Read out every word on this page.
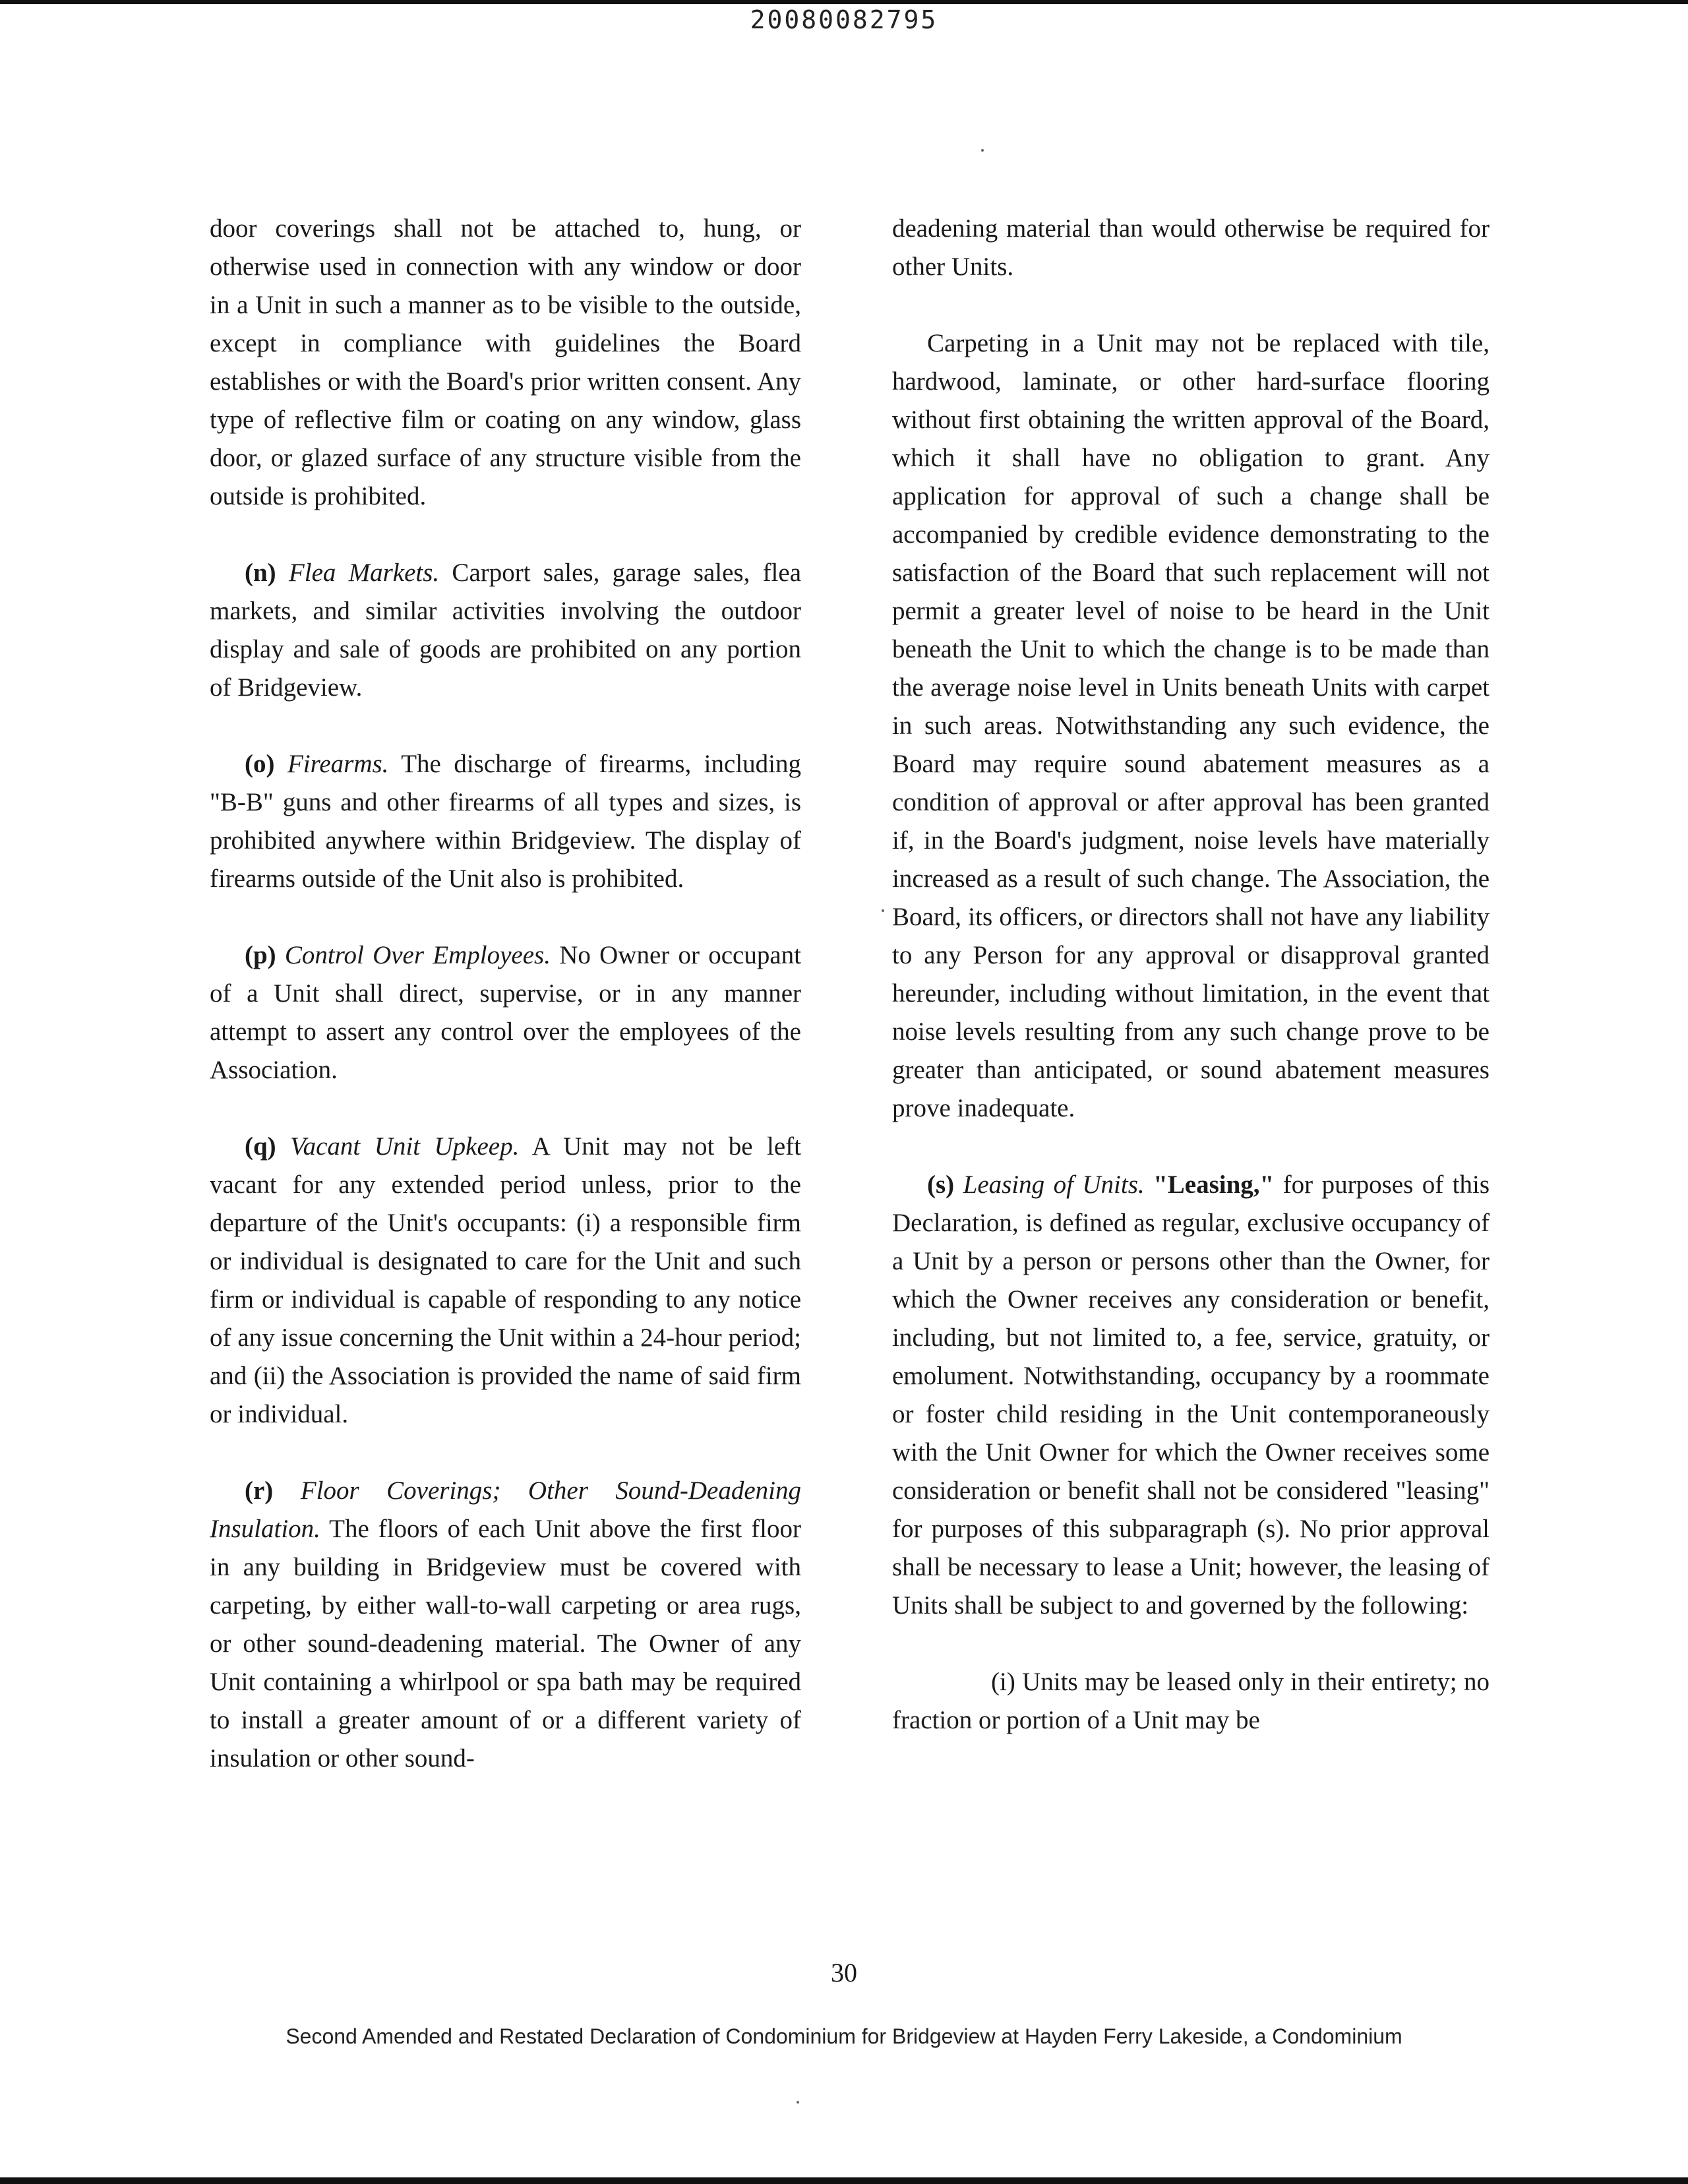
20080082795

door coverings shall not be attached to, hung, or otherwise used in connection with any window or door in a Unit in such a manner as to be visible to the outside, except in compliance with guidelines the Board establishes or with the Board's prior written consent. Any type of reflective film or coating on any window, glass door, or glazed surface of any structure visible from the outside is prohibited.

(n) Flea Markets. Carport sales, garage sales, flea markets, and similar activities involving the outdoor display and sale of goods are prohibited on any portion of Bridgeview.

(o) Firearms. The discharge of firearms, including "B-B" guns and other firearms of all types and sizes, is prohibited anywhere within Bridgeview. The display of firearms outside of the Unit also is prohibited.

(p) Control Over Employees. No Owner or occupant of a Unit shall direct, supervise, or in any manner attempt to assert any control over the employees of the Association.

(q) Vacant Unit Upkeep. A Unit may not be left vacant for any extended period unless, prior to the departure of the Unit's occupants: (i) a responsible firm or individual is designated to care for the Unit and such firm or individual is capable of responding to any notice of any issue concerning the Unit within a 24-hour period; and (ii) the Association is provided the name of said firm or individual.

(r) Floor Coverings; Other Sound-Deadening Insulation. The floors of each Unit above the first floor in any building in Bridgeview must be covered with carpeting, by either wall-to-wall carpeting or area rugs, or other sound-deadening material. The Owner of any Unit containing a whirlpool or spa bath may be required to install a greater amount of or a different variety of insulation or other sound-

deadening material than would otherwise be required for other Units.

Carpeting in a Unit may not be replaced with tile, hardwood, laminate, or other hard-surface flooring without first obtaining the written approval of the Board, which it shall have no obligation to grant. Any application for approval of such a change shall be accompanied by credible evidence demonstrating to the satisfaction of the Board that such replacement will not permit a greater level of noise to be heard in the Unit beneath the Unit to which the change is to be made than the average noise level in Units beneath Units with carpet in such areas. Notwithstanding any such evidence, the Board may require sound abatement measures as a condition of approval or after approval has been granted if, in the Board's judgment, noise levels have materially increased as a result of such change. The Association, the Board, its officers, or directors shall not have any liability to any Person for any approval or disapproval granted hereunder, including without limitation, in the event that noise levels resulting from any such change prove to be greater than anticipated, or sound abatement measures prove inadequate.

(s) Leasing of Units. "Leasing," for purposes of this Declaration, is defined as regular, exclusive occupancy of a Unit by a person or persons other than the Owner, for which the Owner receives any consideration or benefit, including, but not limited to, a fee, service, gratuity, or emolument. Notwithstanding, occupancy by a roommate or foster child residing in the Unit contemporaneously with the Unit Owner for which the Owner receives some consideration or benefit shall not be considered "leasing" for purposes of this subparagraph (s). No prior approval shall be necessary to lease a Unit; however, the leasing of Units shall be subject to and governed by the following:

(i) Units may be leased only in their entirety; no fraction or portion of a Unit may be

30
Second Amended and Restated Declaration of Condominium for Bridgeview at Hayden Ferry Lakeside, a Condominium
